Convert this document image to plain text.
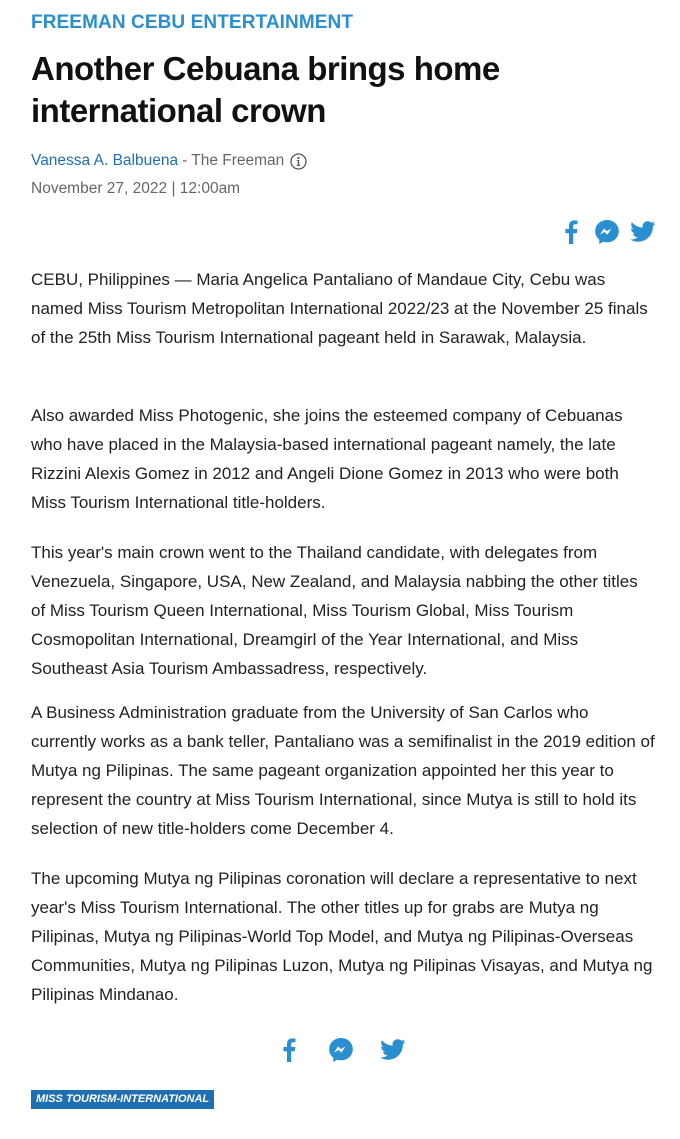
FREEMAN CEBU ENTERTAINMENT
Another Cebuana brings home international crown
Vanessa A. Balbuena - The Freeman
November 27, 2022 | 12:00am

CEBU, Philippines — Maria Angelica Pantaliano of Mandaue City, Cebu was named Miss Tourism Metropolitan International 2022/23 at the November 25 finals of the 25th Miss Tourism International pageant held in Sarawak, Malaysia.

Also awarded Miss Photogenic, she joins the esteemed company of Cebuanas who have placed in the Malaysia-based international pageant namely, the late Rizzini Alexis Gomez in 2012 and Angeli Dione Gomez in 2013 who were both Miss Tourism International title-holders.

This year's main crown went to the Thailand candidate, with delegates from Venezuela, Singapore, USA, New Zealand, and Malaysia nabbing the other titles of Miss Tourism Queen International, Miss Tourism Global, Miss Tourism Cosmopolitan International, Dreamgirl of the Year International, and Miss Southeast Asia Tourism Ambassadress, respectively.

A Business Administration graduate from the University of San Carlos who currently works as a bank teller, Pantaliano was a semifinalist in the 2019 edition of Mutya ng Pilipinas. The same pageant organization appointed her this year to represent the country at Miss Tourism International, since Mutya is still to hold its selection of new title-holders come December 4.

The upcoming Mutya ng Pilipinas coronation will declare a representative to next year's Miss Tourism International. The other titles up for grabs are Mutya ng Pilipinas, Mutya ng Pilipinas-World Top Model, and Mutya ng Pilipinas-Overseas Communities, Mutya ng Pilipinas Luzon, Mutya ng Pilipinas Visayas, and Mutya ng Pilipinas Mindanao.

MISS TOURISM-INTERNATIONAL
